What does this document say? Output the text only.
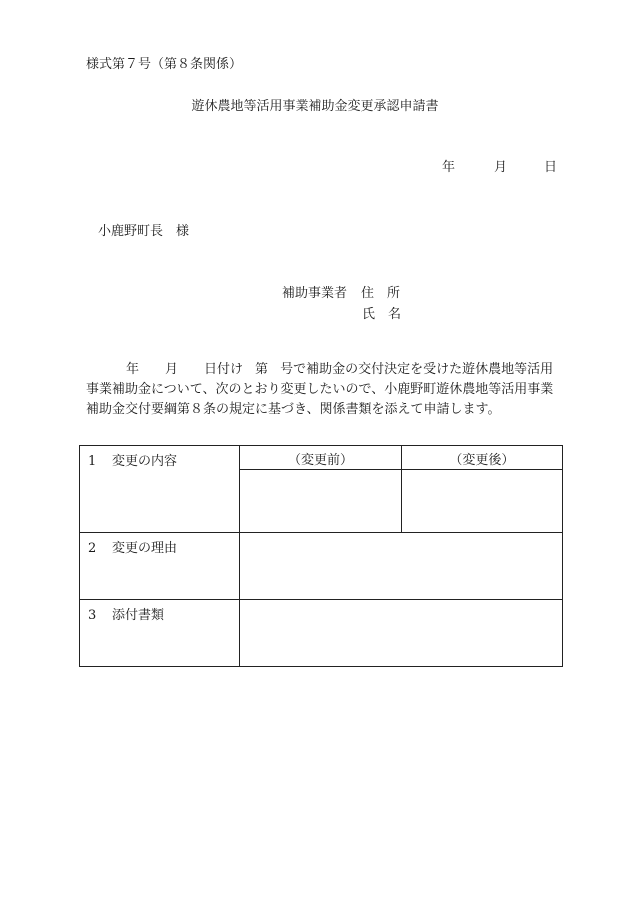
様式第７号（第８条関係）
遊休農地等活用事業補助金変更承認申請書
年	月	日
小鹿野町長　様
補助事業者 住　所
氏　名

年 月 日付け 第 号で補助金の交付決定を受けた遊休農地等活用

事業補助金について、次のとおり変更したいので、小鹿野町遊休農地等活用事業

補助金交付要綱第８条の規定に基づき、関係書類を添えて申請します。

1 変更の内容	（変更前）	（変更後）

2 変更の理由		
3 添付書類		
